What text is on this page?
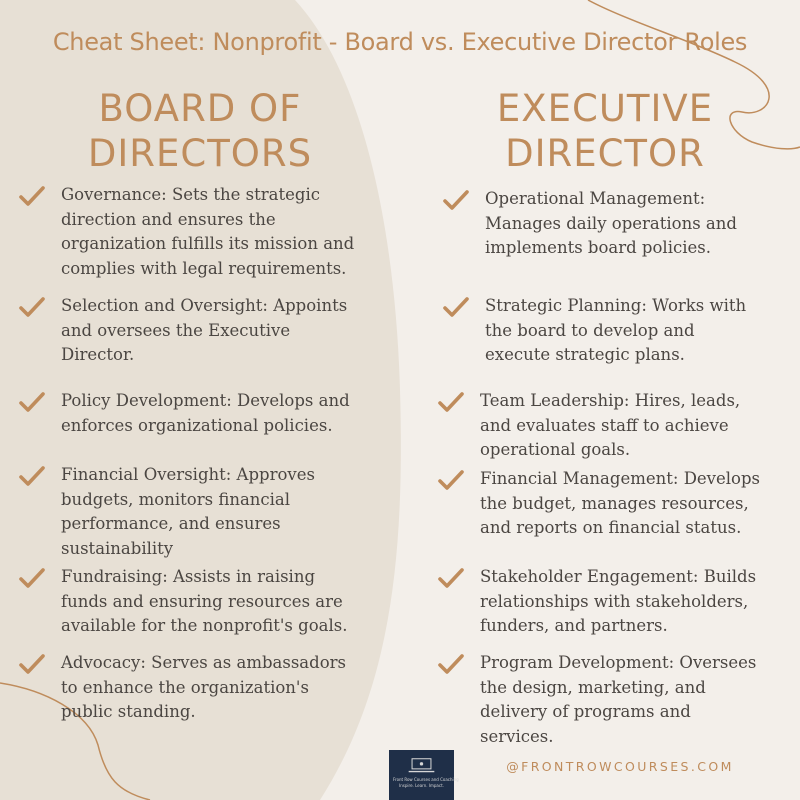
Cheat Sheet: Nonprofit - Board vs. Executive Director Roles
BOARD OF
DIRECTORS
EXECUTIVE
DIRECTOR
Governance: Sets the strategic direction and ensures the organization fulfills its mission and complies with legal requirements.
Selection and Oversight: Appoints and oversees the Executive Director.
Policy Development: Develops and enforces organizational policies.
Financial Oversight: Approves budgets, monitors financial performance, and ensures sustainability
Fundraising: Assists in raising funds and ensuring resources are available for the nonprofit's goals.
Advocacy: Serves as ambassadors to enhance the organization's public standing.
Operational Management: Manages daily operations and implements board policies.
Strategic Planning: Works with the board to develop and execute strategic plans.
Team Leadership: Hires, leads, and evaluates staff to achieve operational goals.
Financial Management: Develops the budget, manages resources, and reports on financial status.
Stakeholder Engagement: Builds relationships with stakeholders, funders, and partners.
Program Development: Oversees the design, marketing, and delivery of programs and services.
Front Row Courses and Coaching
Inspire. Learn. Impact.
@FRONTROWCOURSES.COM
